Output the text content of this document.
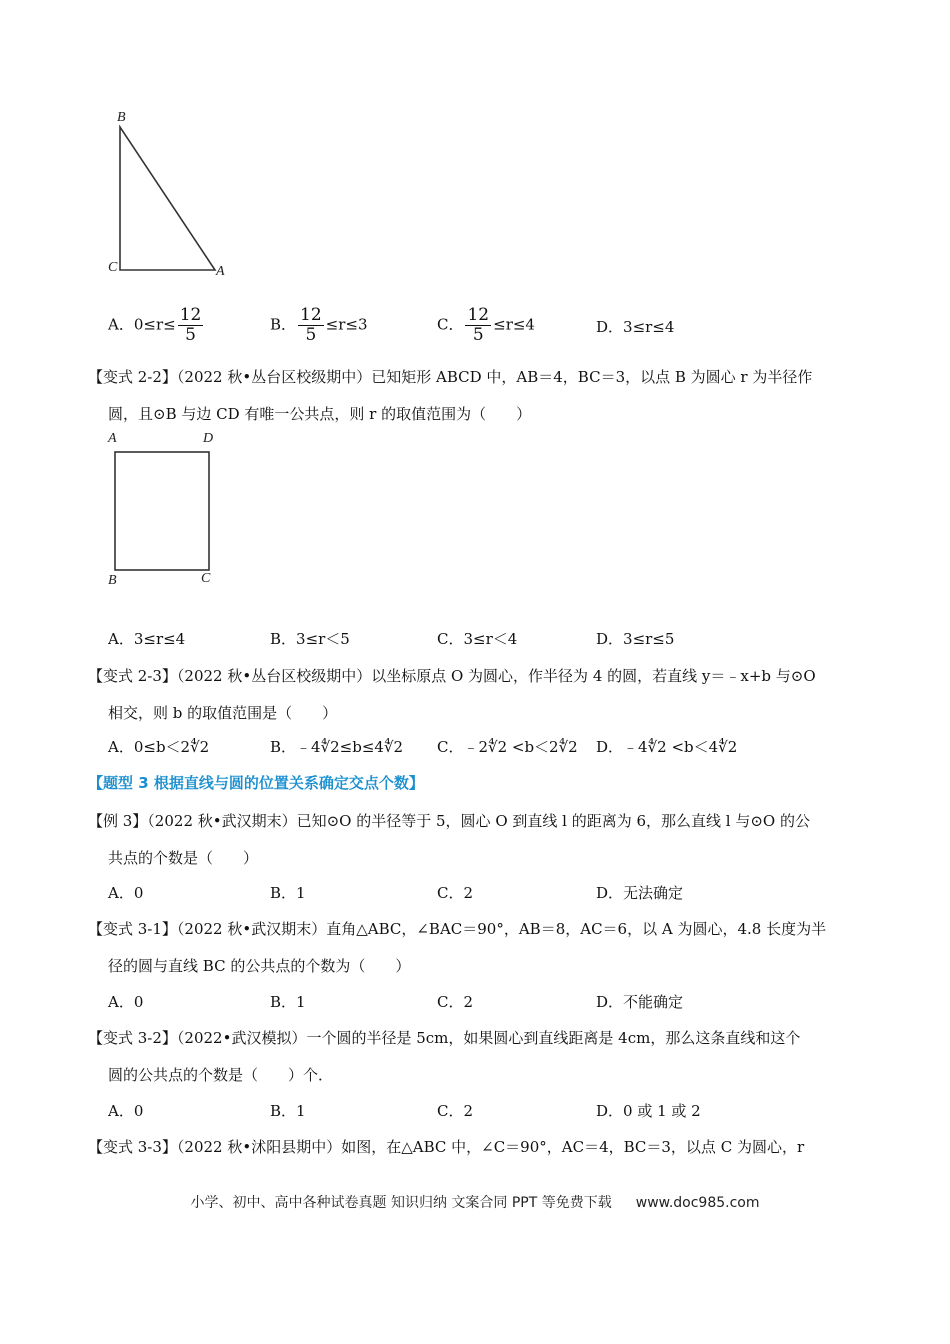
B
C	A
A．$0\le r\le \frac{12}{5}$	B． $\frac{12}{5} \le r\le 3$	C． $\frac{12}{5} \le r\le 4$	D．3≤r≤4
【变式 2-2】（2022 秋•丛台区校级期中）已知矩形 ABCD 中，AB＝4，BC＝3，以点 B 为圆心 r 为半径作
圆，且⊙B 与边 CD 有唯一公共点，则 r 的取值范围为（　　）
A	D
B	C
A．3≤r≤4	B．3≤r＜5	C．3≤r＜4	D．3≤r≤5
【变式 2-3】（2022 秋•丛台区校级期中）以坐标原点 O 为圆心，作半径为 4 的圆，若直线 y＝﹣x+b 与⊙O
相交，则 b 的取值范围是（　　）
A．0≤b＜2∜2	B．﹣4∜2≤b≤4∜2 C．﹣2∜2 <b＜2∜2 D．﹣4∜2 <b＜4∜2
【题型 3 根据直线与圆的位置关系确定交点个数】
【例 3】（2022 秋•武汉期末）已知⊙O 的半径等于 5，圆心 O 到直线 l 的距离为 6，那么直线 l 与⊙O 的公
共点的个数是（　　）
A．0	B．1	C．2	D．无法确定
【变式 3-1】（2022 秋•武汉期末）直角△ABC，∠BAC＝90°，AB＝8，AC＝6，以 A 为圆心，4.8 长度为半
径的圆与直线 BC 的公共点的个数为（　　）
A．0	B．1	C．2	D．不能确定
【变式 3-2】（2022•武汉模拟）一个圆的半径是 5cm，如果圆心到直线距离是 4cm，那么这条直线和这个
圆的公共点的个数是（　　）个．
A．0	B．1	C．2	D．0 或 1 或 2
【变式 3-3】（2022 秋•沭阳县期中）如图，在△ABC 中，∠C＝90°，AC＝4，BC＝3，以点 C 为圆心，r
小学、初中、高中各种试卷真题 知识归纳 文案合同 PPT 等免费下载 www.doc985.com
